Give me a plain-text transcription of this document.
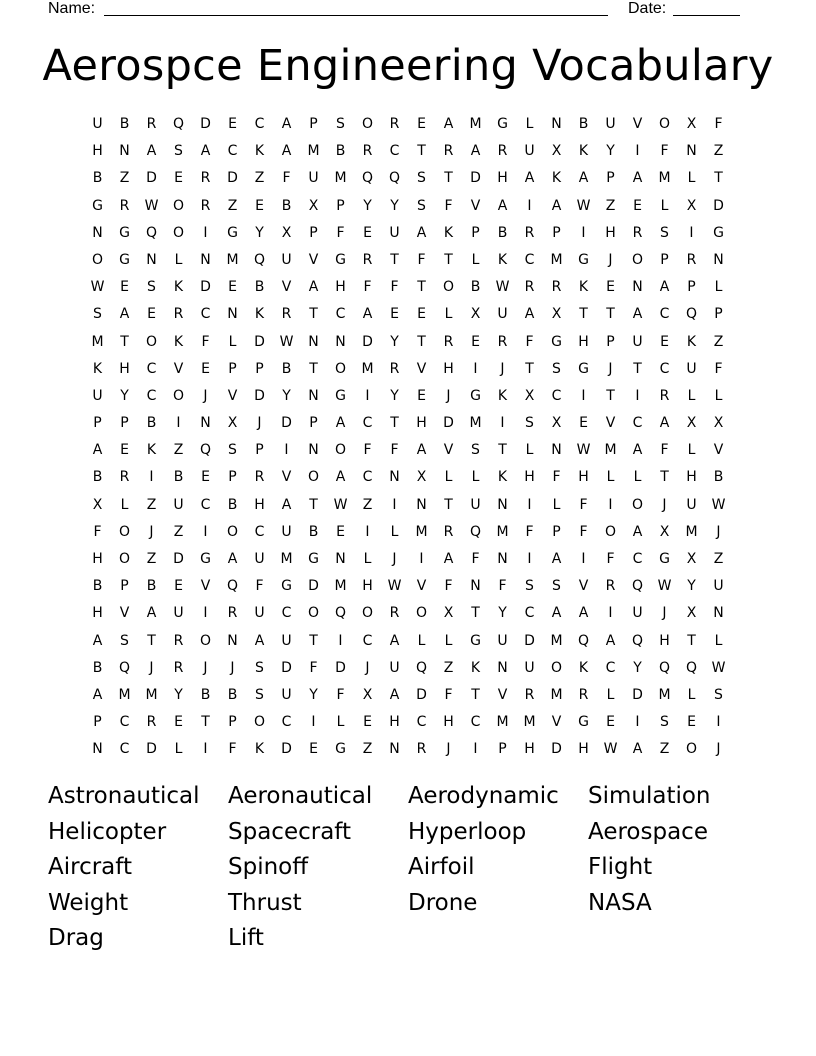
Name:	Date:
Aerospce Engineering Vocabulary
U	B	R	Q	D	E	C	A	P	S	O	R	E	A	M	G	L	N	B	U	V	O	X	F
H	N	A	S	A	C	K	A	M	B	R	C	T	R	A	R	U	X	K	Y	I	F	N	Z
B	Z	D	E	R	D	Z	F	U	M	Q	Q	S	T	D	H	A	K	A	P	A	M	L	T
G	R	W	O	R	Z	E	B	X	P	Y	Y	S	F	V	A	I	A	W	Z	E	L	X	D
N	G	Q	O	I	G	Y	X	P	F	E	U	A	K	P	B	R	P	I	H	R	S	I	G
O	G	N	L	N	M	Q	U	V	G	R	T	F	T	L	K	C	M	G	J	O	P	R	N
W	E	S	K	D	E	B	V	A	H	F	F	T	O	B	W	R	R	K	E	N	A	P	L
S	A	E	R	C	N	K	R	T	C	A	E	E	L	X	U	A	X	T	T	A	C	Q	P
M	T	O	K	F	L	D	W	N	N	D	Y	T	R	E	R	F	G	H	P	U	E	K	Z
K	H	C	V	E	P	P	B	T	O	M	R	V	H	I	J	T	S	G	J	T	C	U	F
U	Y	C	O	J	V	D	Y	N	G	I	Y	E	J	G	K	X	C	I	T	I	R	L	L
P	P	B	I	N	X	J	D	P	A	C	T	H	D	M	I	S	X	E	V	C	A	X	X
A	E	K	Z	Q	S	P	I	N	O	F	F	A	V	S	T	L	N	W	M	A	F	L	V
B	R	I	B	E	P	R	V	O	A	C	N	X	L	L	K	H	F	H	L	L	T	H	B
X	L	Z	U	C	B	H	A	T	W	Z	I	N	T	U	N	I	L	F	I	O	J	U	W
F	O	J	Z	I	O	C	U	B	E	I	L	M	R	Q	M	F	P	F	O	A	X	M	J
H	O	Z	D	G	A	U	M	G	N	L	J	I	A	F	N	I	A	I	F	C	G	X	Z
B	P	B	E	V	Q	F	G	D	M	H	W	V	F	N	F	S	S	V	R	Q	W	Y	U
H	V	A	U	I	R	U	C	O	Q	O	R	O	X	T	Y	C	A	A	I	U	J	X	N
A	S	T	R	O	N	A	U	T	I	C	A	L	L	G	U	D	M	Q	A	Q	H	T	L
B	Q	J	R	J	J	S	D	F	D	J	U	Q	Z	K	N	U	O	K	C	Y	Q	Q	W
A	M	M	Y	B	B	S	U	Y	F	X	A	D	F	T	V	R	M	R	L	D	M	L	S
P	C	R	E	T	P	O	C	I	L	E	H	C	H	C	M	M	V	G	E	I	S	E	I
N	C	D	L	I	F	K	D	E	G	Z	N	R	J	I	P	H	D	H	W	A	Z	O	J
Astronautical	Aeronautical	Aerodynamic	Simulation
Helicopter	Spacecraft	Hyperloop	Aerospace
Aircraft	Spinoff	Airfoil	Flight
Weight	Thrust	Drone	NASA
Drag	Lift
